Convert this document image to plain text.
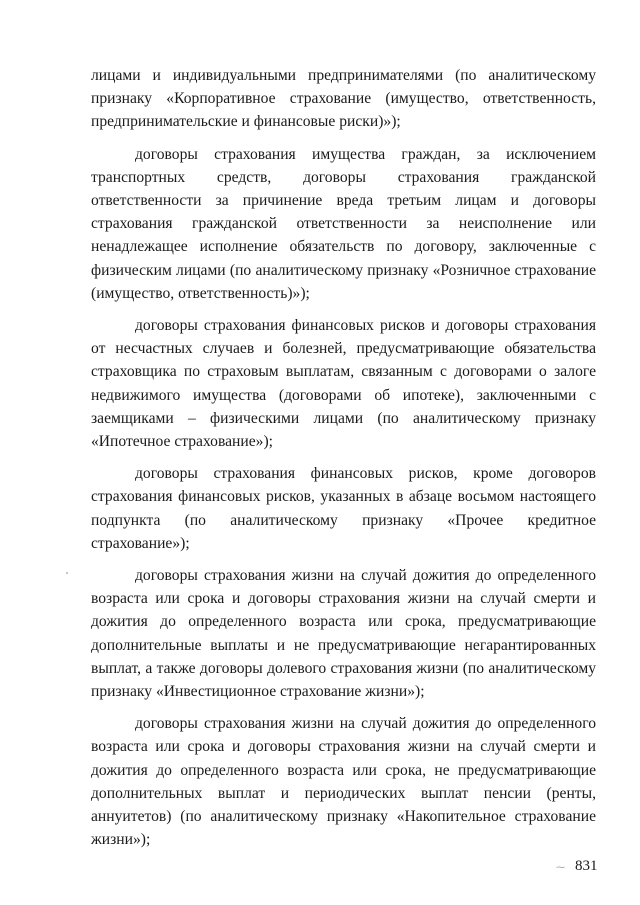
лицами и индивидуальными предпринимателями (по аналитическому признаку «Корпоративное страхование (имущество, ответственность, предпринимательские и финансовые риски)»);

договоры страхования имущества граждан, за исключением транспортных средств, договоры страхования гражданской ответственности за причинение вреда третьим лицам и договоры страхования гражданской ответственности за неисполнение или ненадлежащее исполнение обязательств по договору, заключенные с физическим лицами (по аналитическому признаку «Розничное страхование (имущество, ответственность)»);

договоры страхования финансовых рисков и договоры страхования от несчастных случаев и болезней, предусматривающие обязательства страховщика по страховым выплатам, связанным с договорами о залоге недвижимого имущества (договорами об ипотеке), заключенными с заемщиками – физическими лицами (по аналитическому признаку «Ипотечное страхование»);

договоры страхования финансовых рисков, кроме договоров страхования финансовых рисков, указанных в абзаце восьмом настоящего подпункта (по аналитическому признаку «Прочее кредитное страхование»);

договоры страхования жизни на случай дожития до определенного возраста или срока и договоры страхования жизни на случай смерти и дожития до определенного возраста или срока, предусматривающие дополнительные выплаты и не предусматривающие негарантированных выплат, а также договоры долевого страхования жизни (по аналитическому признаку «Инвестиционное страхование жизни»);

договоры страхования жизни на случай дожития до определенного возраста или срока и договоры страхования жизни на случай смерти и дожития до определенного возраста или срока, не предусматривающие дополнительных выплат и периодических выплат пенсии (ренты, аннуитетов) (по аналитическому признаку «Накопительное страхование жизни»);

⁓ 831
